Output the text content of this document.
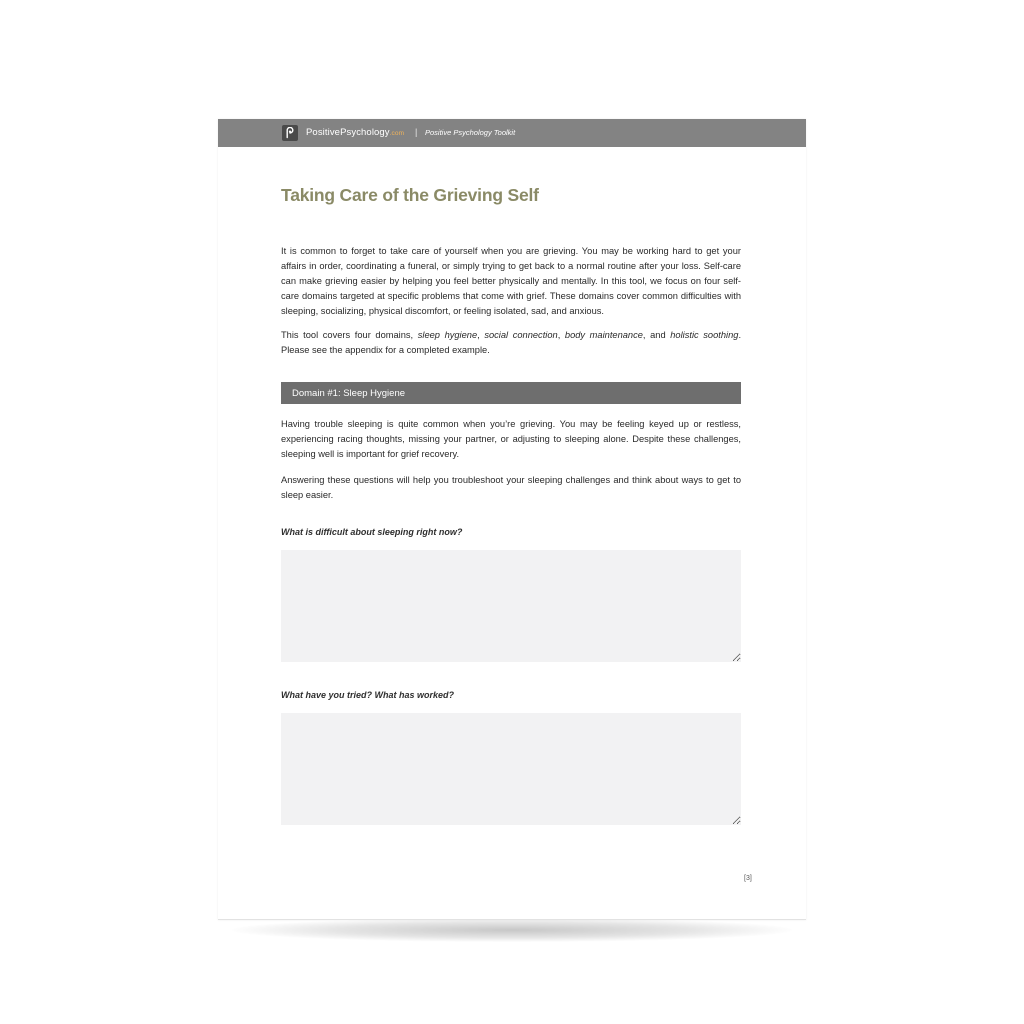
PositivePsychology.com | Positive Psychology Toolkit
Taking Care of the Grieving Self

It is common to forget to take care of yourself when you are grieving. You may be working hard to get your affairs in order, coordinating a funeral, or simply trying to get back to a normal routine after your loss. Self-care can make grieving easier by helping you feel better physically and mentally. In this tool, we focus on four self-care domains targeted at specific problems that come with grief. These domains cover common difficulties with sleeping, socializing, physical discomfort, or feeling isolated, sad, and anxious.

This tool covers four domains, sleep hygiene, social connection, body maintenance, and holistic soothing. Please see the appendix for a completed example.

Domain #1: Sleep Hygiene

Having trouble sleeping is quite common when you’re grieving. You may be feeling keyed up or restless, experiencing racing thoughts, missing your partner, or adjusting to sleeping alone. Despite these challenges, sleeping well is important for grief recovery.

Answering these questions will help you troubleshoot your sleeping challenges and think about ways to get to sleep easier.

What is difficult about sleeping right now?
What have you tried? What has worked?
[3]
